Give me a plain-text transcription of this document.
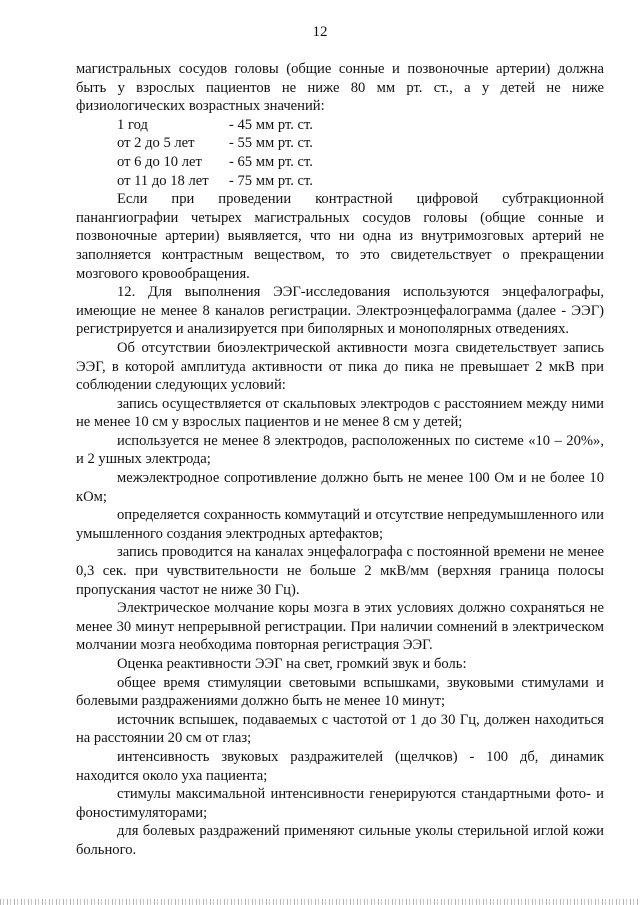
12

магистральных сосудов головы (общие сонные и позвоночные артерии) должна быть у взрослых пациентов не ниже 80 мм рт. ст., а у детей не ниже физиологических возрастных значений:

1 год	- 45 мм рт. ст.
от 2 до 5 лет	- 55 мм рт. ст.
от 6 до 10 лет	- 65 мм рт. ст.
от 11 до 18 лет	- 75 мм рт. ст.

Если при проведении контрастной цифровой субтракционной панангиографии четырех магистральных сосудов головы (общие сонные и позвоночные артерии) выявляется, что ни одна из внутримозговых артерий не заполняется контрастным веществом, то это свидетельствует о прекращении мозгового кровообращения.

12. Для выполнения ЭЭГ-исследования используются энцефалографы, имеющие не менее 8 каналов регистрации. Электроэнцефалограмма (далее - ЭЭГ) регистрируется и анализируется при биполярных и монополярных отведениях.

Об отсутствии биоэлектрической активности мозга свидетельствует запись ЭЭГ, в которой амплитуда активности от пика до пика не превышает 2 мкВ при соблюдении следующих условий:

запись осуществляется от скальповых электродов с расстоянием между ними не менее 10 см у взрослых пациентов и не менее 8 см у детей;

используется не менее 8 электродов, расположенных по системе «10 – 20%», и 2 ушных электрода;

межэлектродное сопротивление должно быть не менее 100 Ом и не более 10 кОм;

определяется сохранность коммутаций и отсутствие непредумышленного или умышленного создания электродных артефактов;

запись проводится на каналах энцефалографа с постоянной времени не менее 0,3 сек. при чувствительности не больше 2 мкВ/мм (верхняя граница полосы пропускания частот не ниже 30 Гц).

Электрическое молчание коры мозга в этих условиях должно сохраняться не менее 30 минут непрерывной регистрации. При наличии сомнений в электрическом молчании мозга необходима повторная регистрация ЭЭГ.

Оценка реактивности ЭЭГ на свет, громкий звук и боль:

общее время стимуляции световыми вспышками, звуковыми стимулами и болевыми раздражениями должно быть не менее 10 минут;

источник вспышек, подаваемых с частотой от 1 до 30 Гц, должен находиться на расстоянии 20 см от глаз;

интенсивность звуковых раздражителей (щелчков) - 100 дб, динамик находится около уха пациента;

стимулы максимальной интенсивности генерируются стандартными фото- и фоностимуляторами;

для болевых раздражений применяют сильные уколы стерильной иглой кожи больного.
